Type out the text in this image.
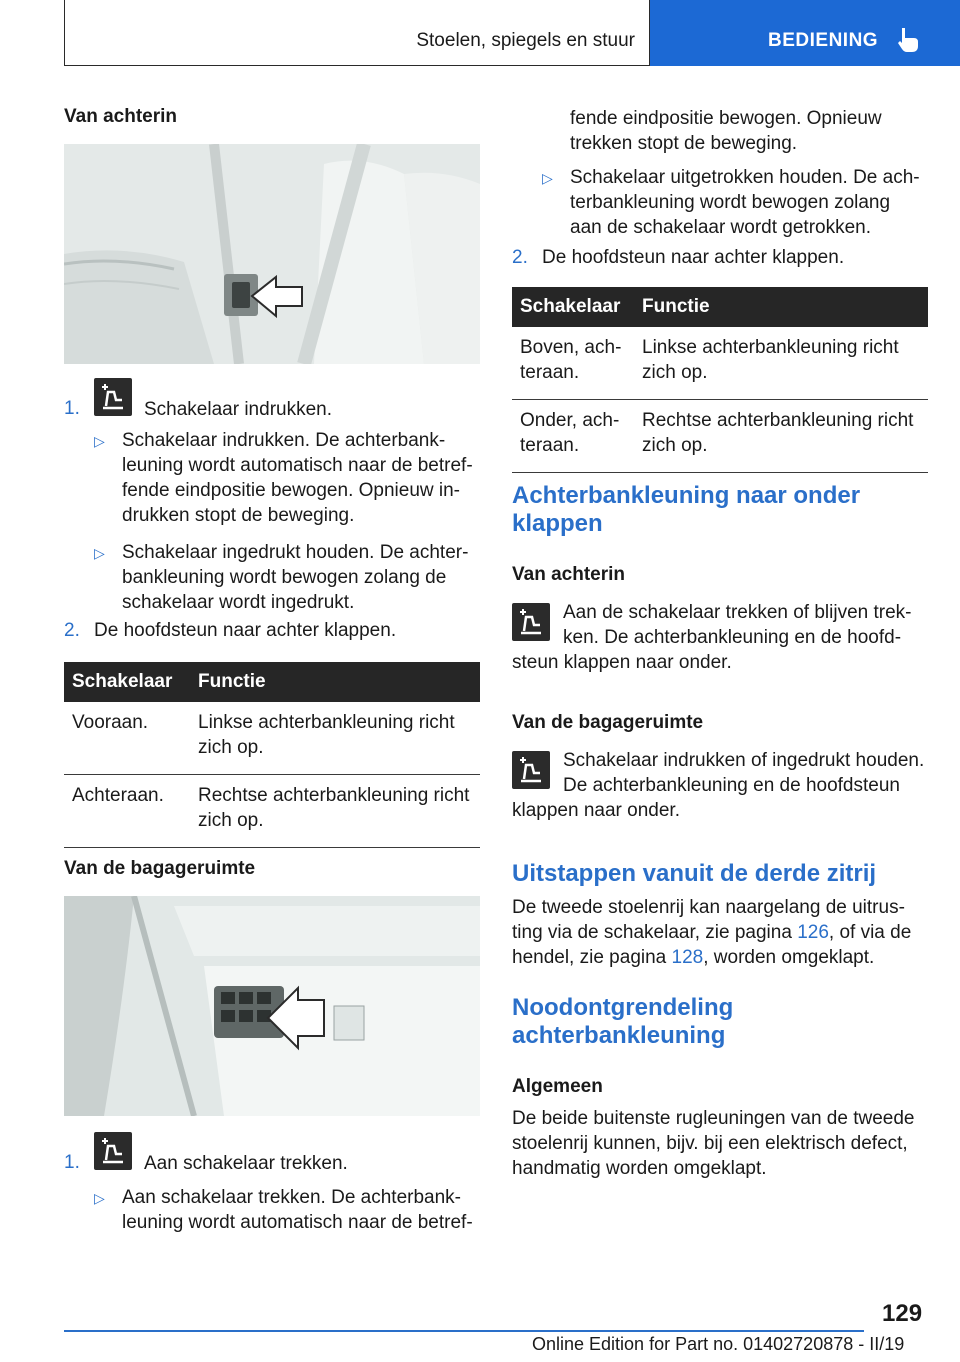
Stoelen, spiegels en stuur	BEDIENING
Van achterin
1.	Schakelaar indrukken.
▷ Schakelaar indrukken. De achterbank-
leuning wordt automatisch naar de betref-
fende eindpositie bewogen. Opnieuw in-
drukken stopt de beweging.
▷ Schakelaar ingedrukt houden. De achter-
bankleuning wordt bewogen zolang de
schakelaar wordt ingedrukt.
2. De hoofdsteun naar achter klappen.
Schakelaar	Functie
Vooraan.	Linkse achterbankleuning richt
zich op.
Achteraan.	Rechtse achterbankleuning richt
zich op.
Van de bagageruimte
1.	Aan schakelaar trekken.
▷ Aan schakelaar trekken. De achterbank-
leuning wordt automatisch naar de betref-
fende eindpositie bewogen. Opnieuw
trekken stopt de beweging.
▷ Schakelaar uitgetrokken houden. De ach-
terbankleuning wordt bewogen zolang
aan de schakelaar wordt getrokken.
2. De hoofdsteun naar achter klappen.
Schakelaar	Functie
Boven, ach-
teraan.	Linkse achterbankleuning richt
zich op.
Onder, ach-
teraan.	Rechtse achterbankleuning richt
zich op.
Achterbankleuning naar onder
klappen
Van achterin
Aan de schakelaar trekken of blijven trek-
ken. De achterbankleuning en de hoofd-
steun klappen naar onder.
Van de bagageruimte
Schakelaar indrukken of ingedrukt houden.
De achterbankleuning en de hoofdsteun
klappen naar onder.
Uitstappen vanuit de derde zitrij
De tweede stoelenrij kan naargelang de uitrus-
ting via de schakelaar, zie pagina 126, of via de
hendel, zie pagina 128, worden omgeklapt.
Noodontgrendeling
achterbankleuning
Algemeen
De beide buitenste rugleuningen van de tweede
stoelenrij kunnen, bijv. bij een elektrisch defect,
handmatig worden omgeklapt.
129
Online Edition for Part no. 01402720878 - II/19
